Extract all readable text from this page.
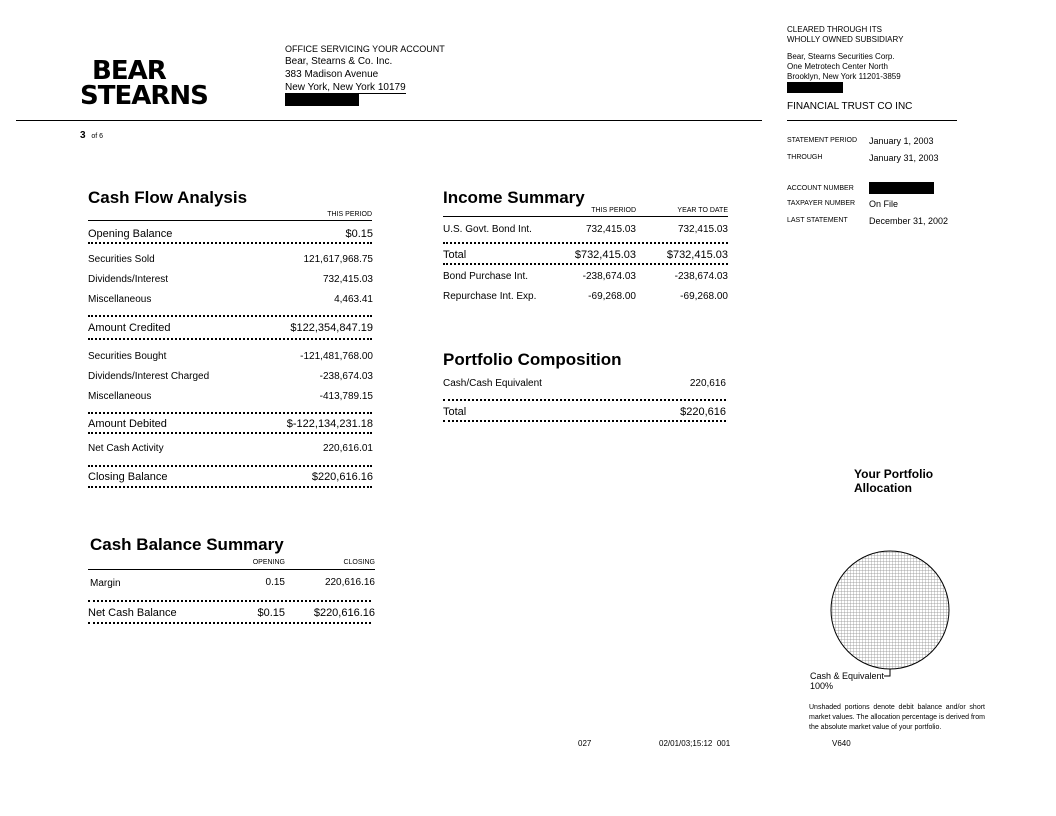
BEAR
STEARNS
OFFICE SERVICING YOUR ACCOUNT
Bear, Stearns & Co. Inc.
383 Madison Avenue
New York, New York 10179
CLEARED THROUGH ITS
WHOLLY OWNED SUBSIDIARY
Bear, Stearns Securities Corp.
One Metrotech Center North
Brooklyn, New York 11201-3859
FINANCIAL TRUST CO INC
3 of 6
STATEMENT PERIOD January 1, 2003
THROUGH	January 31, 2003
ACCOUNT NUMBER
TAXPAYER NUMBER On File
LAST STATEMENT December 31, 2002
Cash Flow Analysis
THIS PERIOD
Opening Balance	$0.15
Securities Sold	121,617,968.75
Dividends/Interest	732,415.03
Miscellaneous	4,463.41
Amount Credited	$122,354,847.19
Securities Bought	-121,481,768.00
Dividends/Interest Charged	-238,674.03
Miscellaneous	-413,789.15
Amount Debited	$-122,134,231.18
Net Cash Activity	220,616.01
Closing Balance	$220,616.16
Income Summary
THIS PERIOD	YEAR TO DATE
U.S. Govt. Bond Int.	732,415.03	732,415.03
Total	$732,415.03	$732,415.03
Bond Purchase Int.	-238,674.03	-238,674.03
Repurchase Int. Exp.	-69,268.00	-69,268.00
Portfolio Composition
Cash/Cash Equivalent	220,616
Total	$220,616
Cash Balance Summary
OPENING	CLOSING
Margin	0.15	220,616.16
Net Cash Balance	$0.15	$220,616.16
Your Portfolio
Allocation
Cash & Equivalent
100%
Unshaded portions denote debit balance and/or short market values. The allocation percentage is derived from the absolute market value of your portfolio.
027	02/01/03;15:12  001	V640
